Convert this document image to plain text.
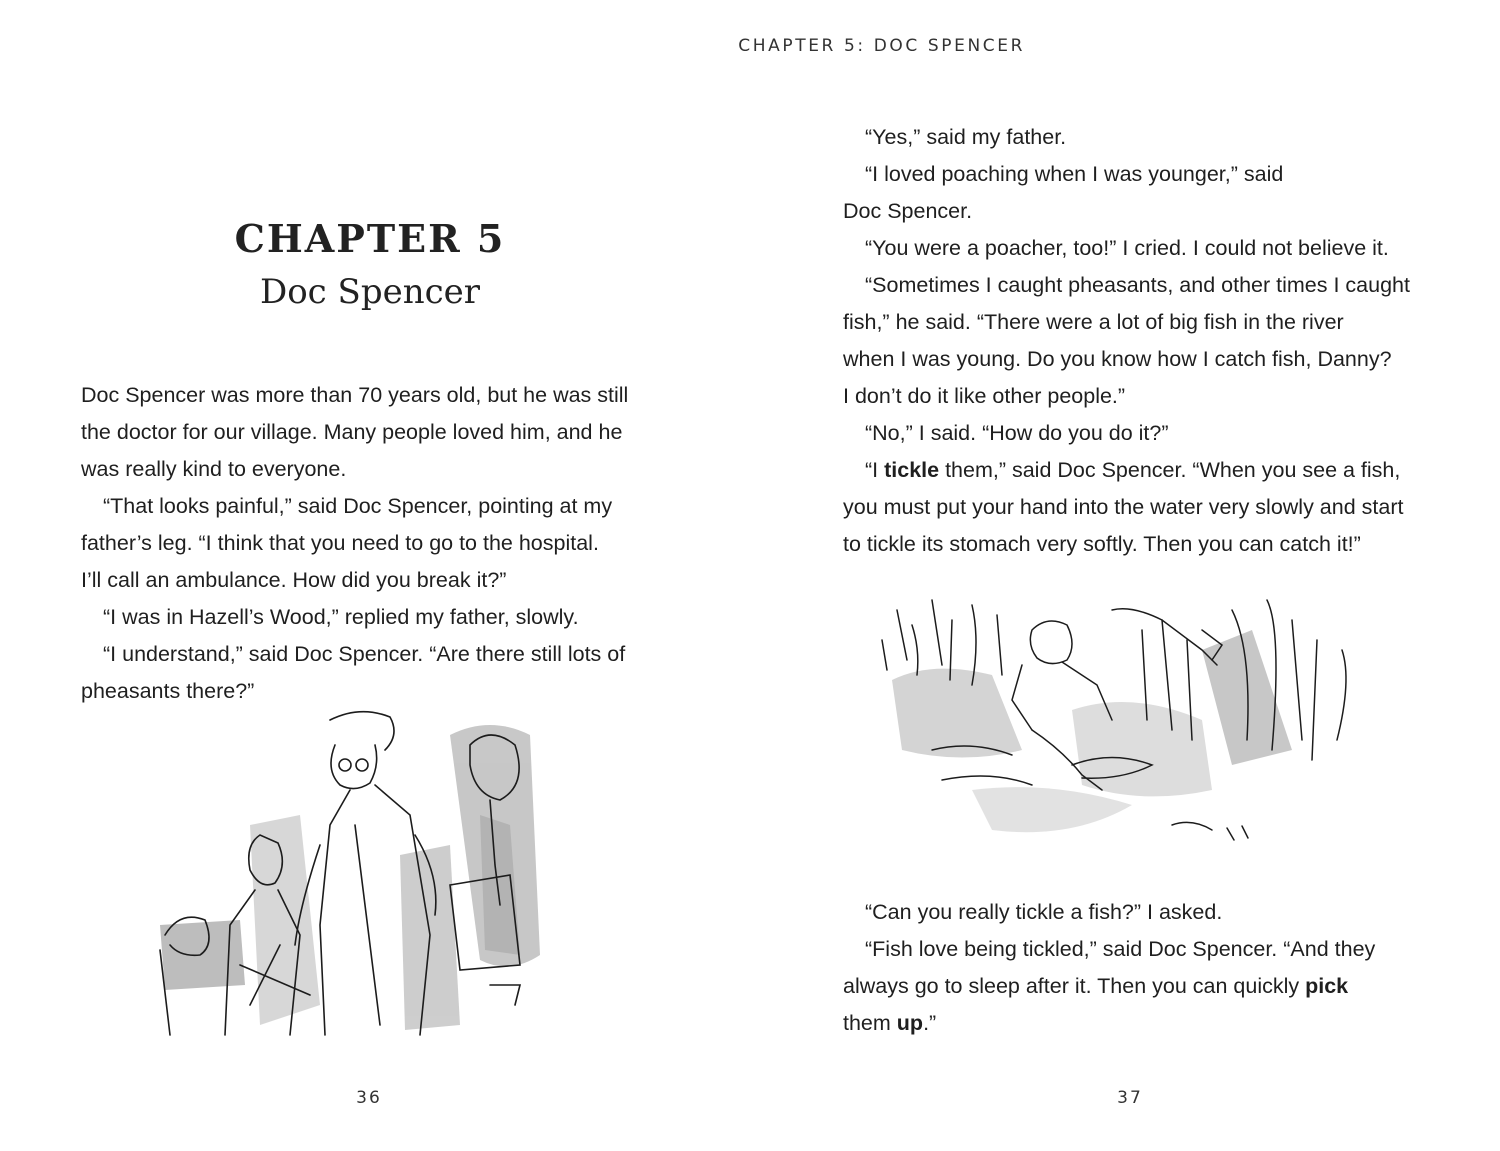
CHAPTER 5
Doc Spencer
Doc Spencer was more than 70 years old, but he was still
the doctor for our village. Many people loved him, and he
was really kind to everyone.
“That looks painful,” said Doc Spencer, pointing at my
father’s leg. “I think that you need to go to the hospital.
I’ll call an ambulance. How did you break it?”
“I was in Hazell’s Wood,” replied my father, slowly.
“I understand,” said Doc Spencer. “Are there still lots of
pheasants there?”
36
CHAPTER 5: DOC SPENCER
“Yes,” said my father.
“I loved poaching when I was younger,” said
Doc Spencer.
“You were a poacher, too!” I cried. I could not believe it.
“Sometimes I caught pheasants, and other times I caught
fish,” he said. “There were a lot of big fish in the river
when I was young. Do you know how I catch fish, Danny?
I don’t do it like other people.”
“No,” I said. “How do you do it?”
“I tickle them,” said Doc Spencer. “When you see a fish,
you must put your hand into the water very slowly and start
to tickle its stomach very softly. Then you can catch it!”
“Can you really tickle a fish?” I asked.
“Fish love being tickled,” said Doc Spencer. “And they
always go to sleep after it. Then you can quickly pick
them up.”
37
